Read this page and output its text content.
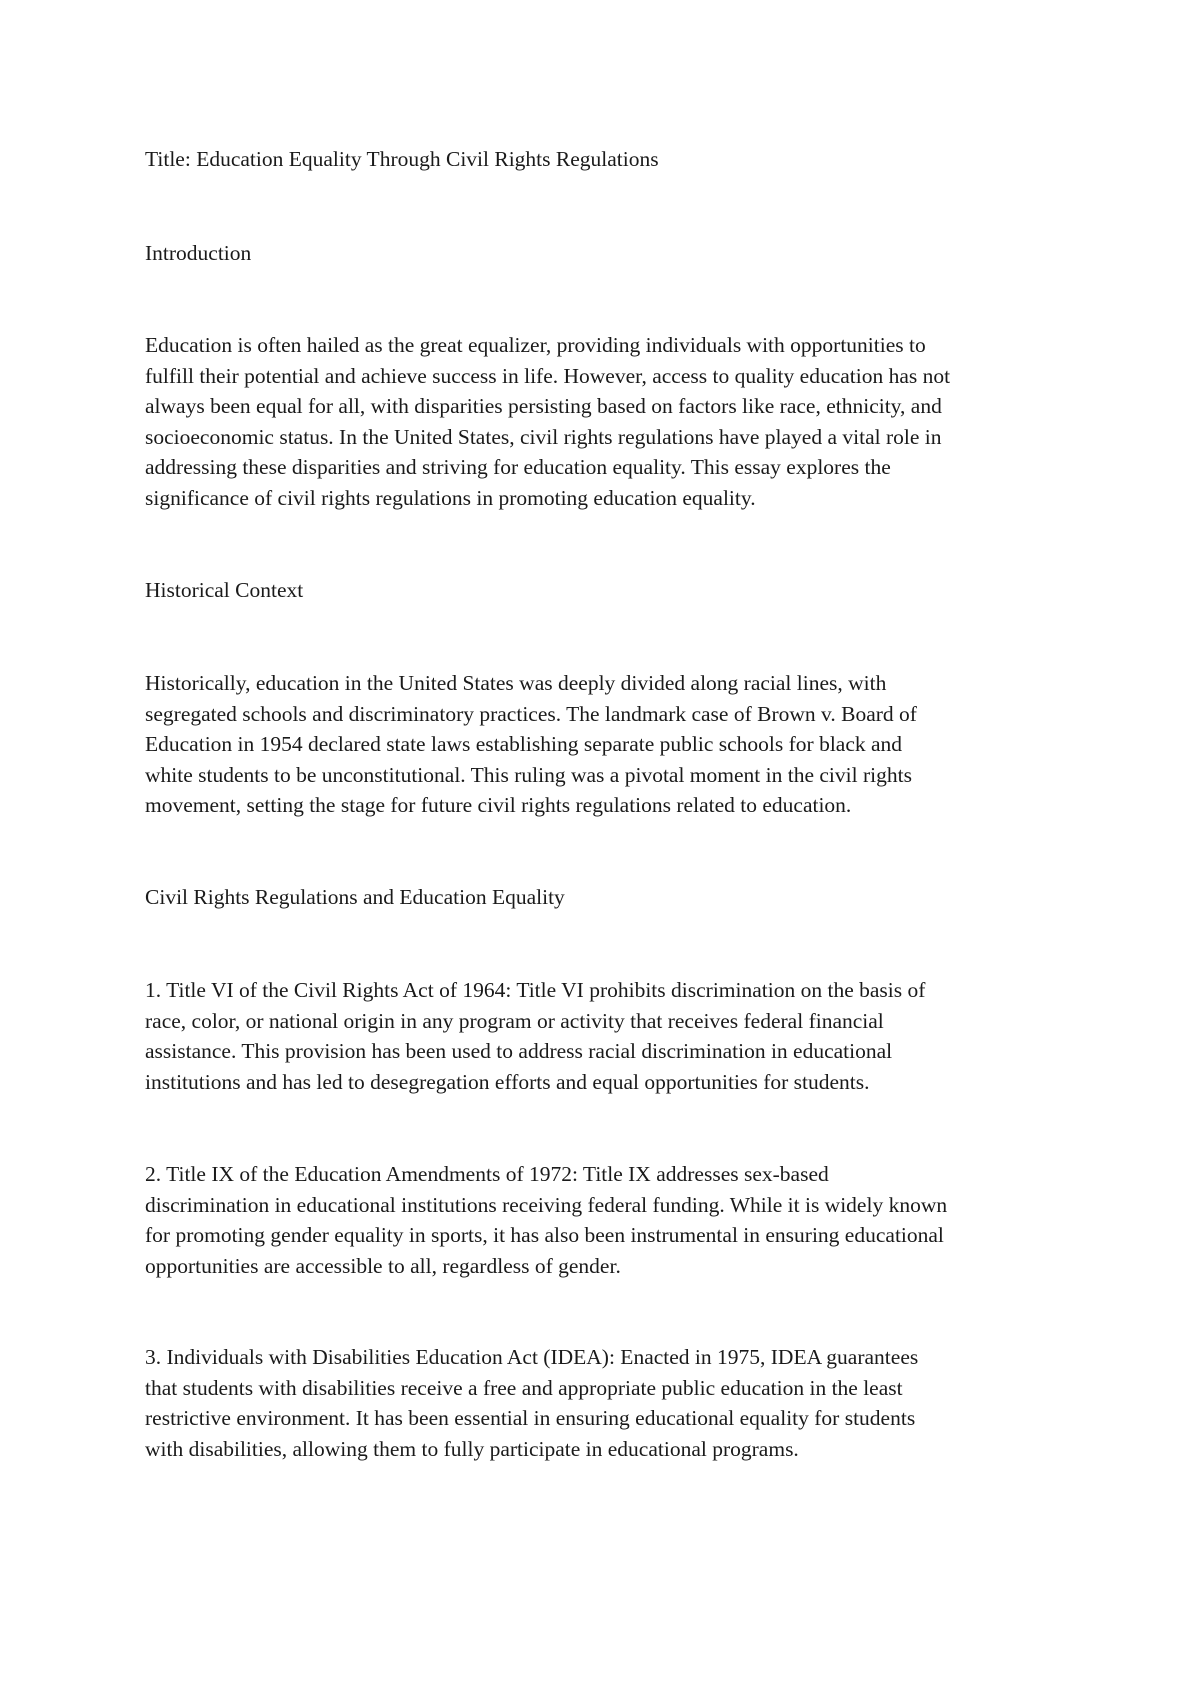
Title: Education Equality Through Civil Rights Regulations

Introduction

Education is often hailed as the great equalizer, providing individuals with opportunities to
fulfill their potential and achieve success in life. However, access to quality education has not
always been equal for all, with disparities persisting based on factors like race, ethnicity, and
socioeconomic status. In the United States, civil rights regulations have played a vital role in
addressing these disparities and striving for education equality. This essay explores the
significance of civil rights regulations in promoting education equality.

Historical Context

Historically, education in the United States was deeply divided along racial lines, with
segregated schools and discriminatory practices. The landmark case of Brown v. Board of
Education in 1954 declared state laws establishing separate public schools for black and
white students to be unconstitutional. This ruling was a pivotal moment in the civil rights
movement, setting the stage for future civil rights regulations related to education.

Civil Rights Regulations and Education Equality

1. Title VI of the Civil Rights Act of 1964: Title VI prohibits discrimination on the basis of
race, color, or national origin in any program or activity that receives federal financial
assistance. This provision has been used to address racial discrimination in educational
institutions and has led to desegregation efforts and equal opportunities for students.
2. Title IX of the Education Amendments of 1972: Title IX addresses sex-based
discrimination in educational institutions receiving federal funding. While it is widely known
for promoting gender equality in sports, it has also been instrumental in ensuring educational
opportunities are accessible to all, regardless of gender.
3. Individuals with Disabilities Education Act (IDEA): Enacted in 1975, IDEA guarantees
that students with disabilities receive a free and appropriate public education in the least
restrictive environment. It has been essential in ensuring educational equality for students
with disabilities, allowing them to fully participate in educational programs.
